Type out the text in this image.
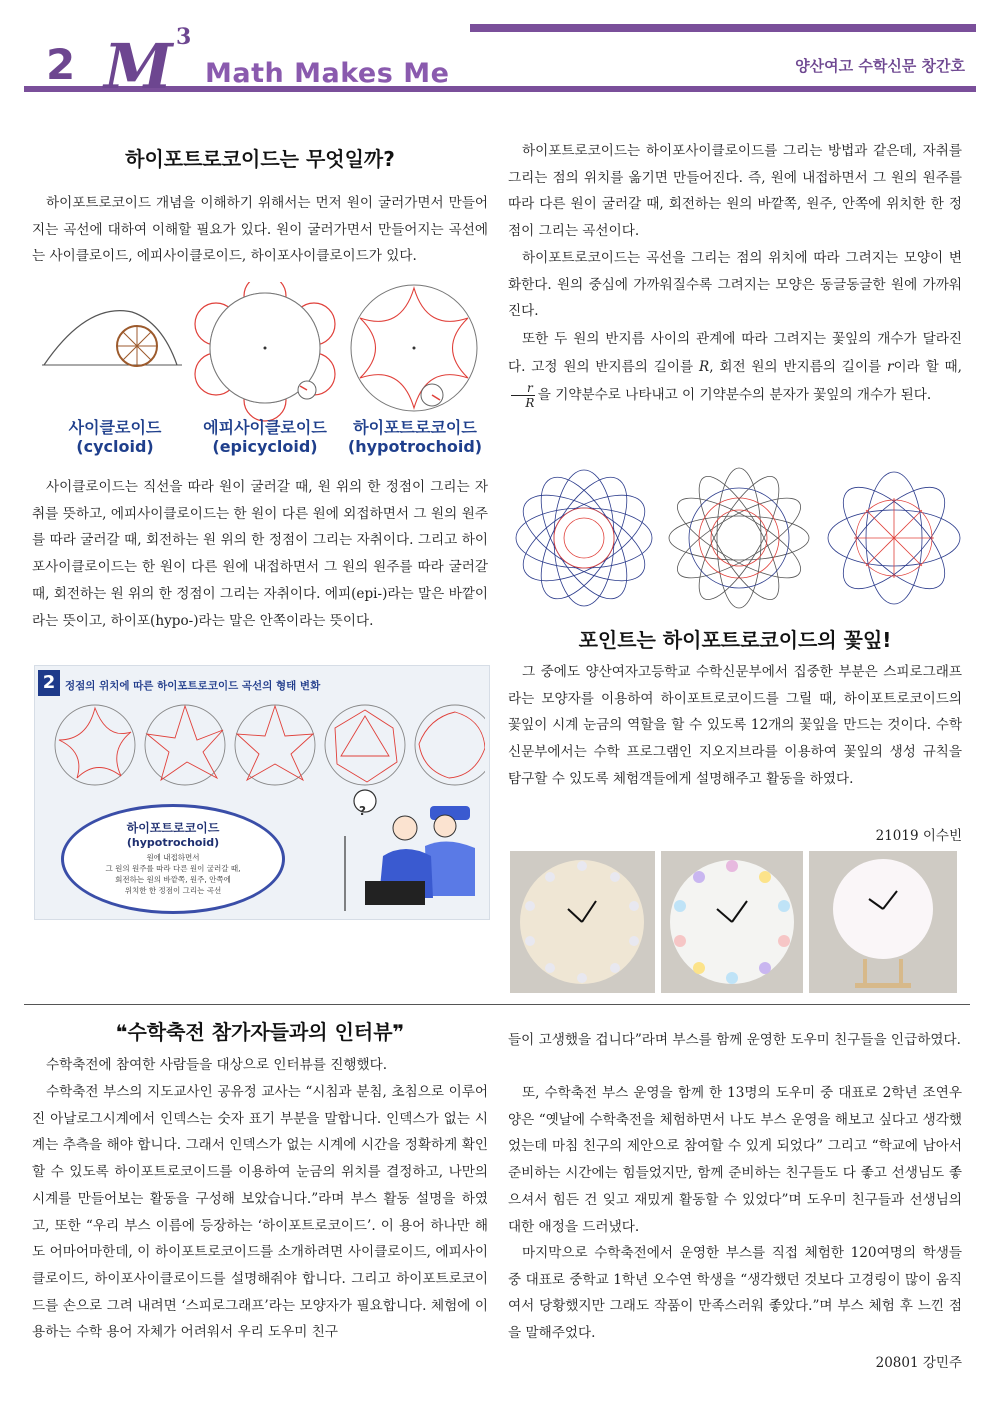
2 M 3
Math Makes Me	양산여고 수학신문 창간호
하이포트로코이드는 무엇일까?

하이포트로코이드 개념을 이해하기 위해서는 먼저 원이 굴러가면서 만들어지는 곡선에 대하여 이해할 필요가 있다. 원이 굴러가면서 만들어지는 곡선에는 사이클로이드, 에피사이클로이드, 하이포사이클로이드가 있다.

사이클로이드
(cycloid)
에피사이클로이드
(epicycloid)
하이포트로코이드
(hypotrochoid)

사이클로이드는 직선을 따라 원이 굴러갈 때, 원 위의 한 정점이 그리는 자취를 뜻하고, 에피사이클로이드는 한 원이 다른 원에 외접하면서 그 원의 원주를 따라 굴러갈 때, 회전하는 원 위의 한 정점이 그리는 자취이다. 그리고 하이포사이클로이드는 한 원이 다른 원에 내접하면서 그 원의 원주를 따라 굴러갈 때, 회전하는 원 위의 한 정점이 그리는 자취이다. 에피(epi-)라는 말은 바깥이라는 뜻이고, 하이포(hypo-)라는 말은 안쪽이라는 뜻이다.

2 정점의 위치에 따른 하이포트로코이드 곡선의 형태 변화
하이포트로코이드
(hypotrochoid)
원에 내접하면서
그 원의 원주를 따라 다른 원이 굴러갈 때,
회전하는 원의 바깥쪽, 원주, 안쪽에
위치한 한 정점이 그리는 곡선
?

하이포트로코이드는 하이포사이클로이드를 그리는 방법과 같은데, 자취를 그리는 점의 위치를 옮기면 만들어진다. 즉, 원에 내접하면서 그 원의 원주를 따라 다른 원이 굴러갈 때, 회전하는 원의 바깥쪽, 원주, 안쪽에 위치한 한 정점이 그리는 곡선이다.

하이포트로코이드는 곡선을 그리는 점의 위치에 따라 그려지는 모양이 변화한다. 원의 중심에 가까워질수록 그려지는 모양은 동글동글한 원에 가까워진다.

또한 두 원의 반지름 사이의 관계에 따라 그려지는 꽃잎의 개수가 달라진다. 고정 원의 반지름의 길이를 R, 회전 원의 반지름의 길이를 r이라 할 때,
$\frac{r}{R}$ 을 기약분수로 나타내고 이 기약분수의 분자가 꽃잎의 개수가 된다.
포인트는 하이포트로코이드의 꽃잎!

그 중에도 양산여자고등학교 수학신문부에서 집중한 부분은 스피로그래프라는 모양자를 이용하여 하이포트로코이드를 그릴 때, 하이포트로코이드의 꽃잎이 시계 눈금의 역할을 할 수 있도록 12개의 꽃잎을 만드는 것이다. 수학신문부에서는 수학 프로그램인 지오지브라를 이용하여 꽃잎의 생성 규칙을 탐구할 수 있도록 체험객들에게 설명해주고 활동을 하였다.

21019 이수빈
❝수학축전 참가자들과의 인터뷰❞

수학축전에 참여한 사람들을 대상으로 인터뷰를 진행했다.

수학축전 부스의 지도교사인 공유정 교사는 “시침과 분침, 초침으로 이루어진 아날로그시계에서 인덱스는 숫자 표기 부분을 말합니다. 인덱스가 없는 시계는 추측을 해야 합니다. 그래서 인덱스가 없는 시계에 시간을 정확하게 확인할 수 있도록 하이포트로코이드를 이용하여 눈금의 위치를 결정하고, 나만의 시계를 만들어보는 활동을 구성해 보았습니다.”라며 부스 활동 설명을 하였고, 또한 “우리 부스 이름에 등장하는 ‘하이포트로코이드’. 이 용어 하나만 해도 어마어마한데, 이 하이포트로코이드를 소개하려면 사이클로이드, 에피사이클로이드, 하이포사이클로이드를 설명해줘야 합니다. 그리고 하이포트로코이드를 손으로 그려 내려면 ‘스피로그래프’라는 모양자가 필요합니다. 체험에 이용하는 수학 용어 자체가 어려워서 우리 도우미 친구

들이 고생했을 겁니다”라며 부스를 함께 운영한 도우미 친구들을 인급하였다.

또, 수학축전 부스 운영을 함께 한 13명의 도우미 중 대표로 2학년 조연우 양은 “옛날에 수학축전을 체험하면서 나도 부스 운영을 해보고 싶다고 생각했었는데 마침 친구의 제안으로 참여할 수 있게 되었다” 그리고 “학교에 남아서 준비하는 시간에는 힘들었지만, 함께 준비하는 친구들도 다 좋고 선생님도 좋으셔서 힘든 건 잊고 재밌게 활동할 수 있었다”며 도우미 친구들과 선생님의 대한 애정을 드러냈다.

마지막으로 수학축전에서 운영한 부스를 직접 체험한 120여명의 학생들 중 대표로 중학교 1학년 오수연 학생을 “생각했던 것보다 고경링이 많이 움직여서 당황했지만 그래도 작품이 만족스러워 좋았다.”며 부스 체험 후 느낀 점을 말해주었다.

20801 강민주
